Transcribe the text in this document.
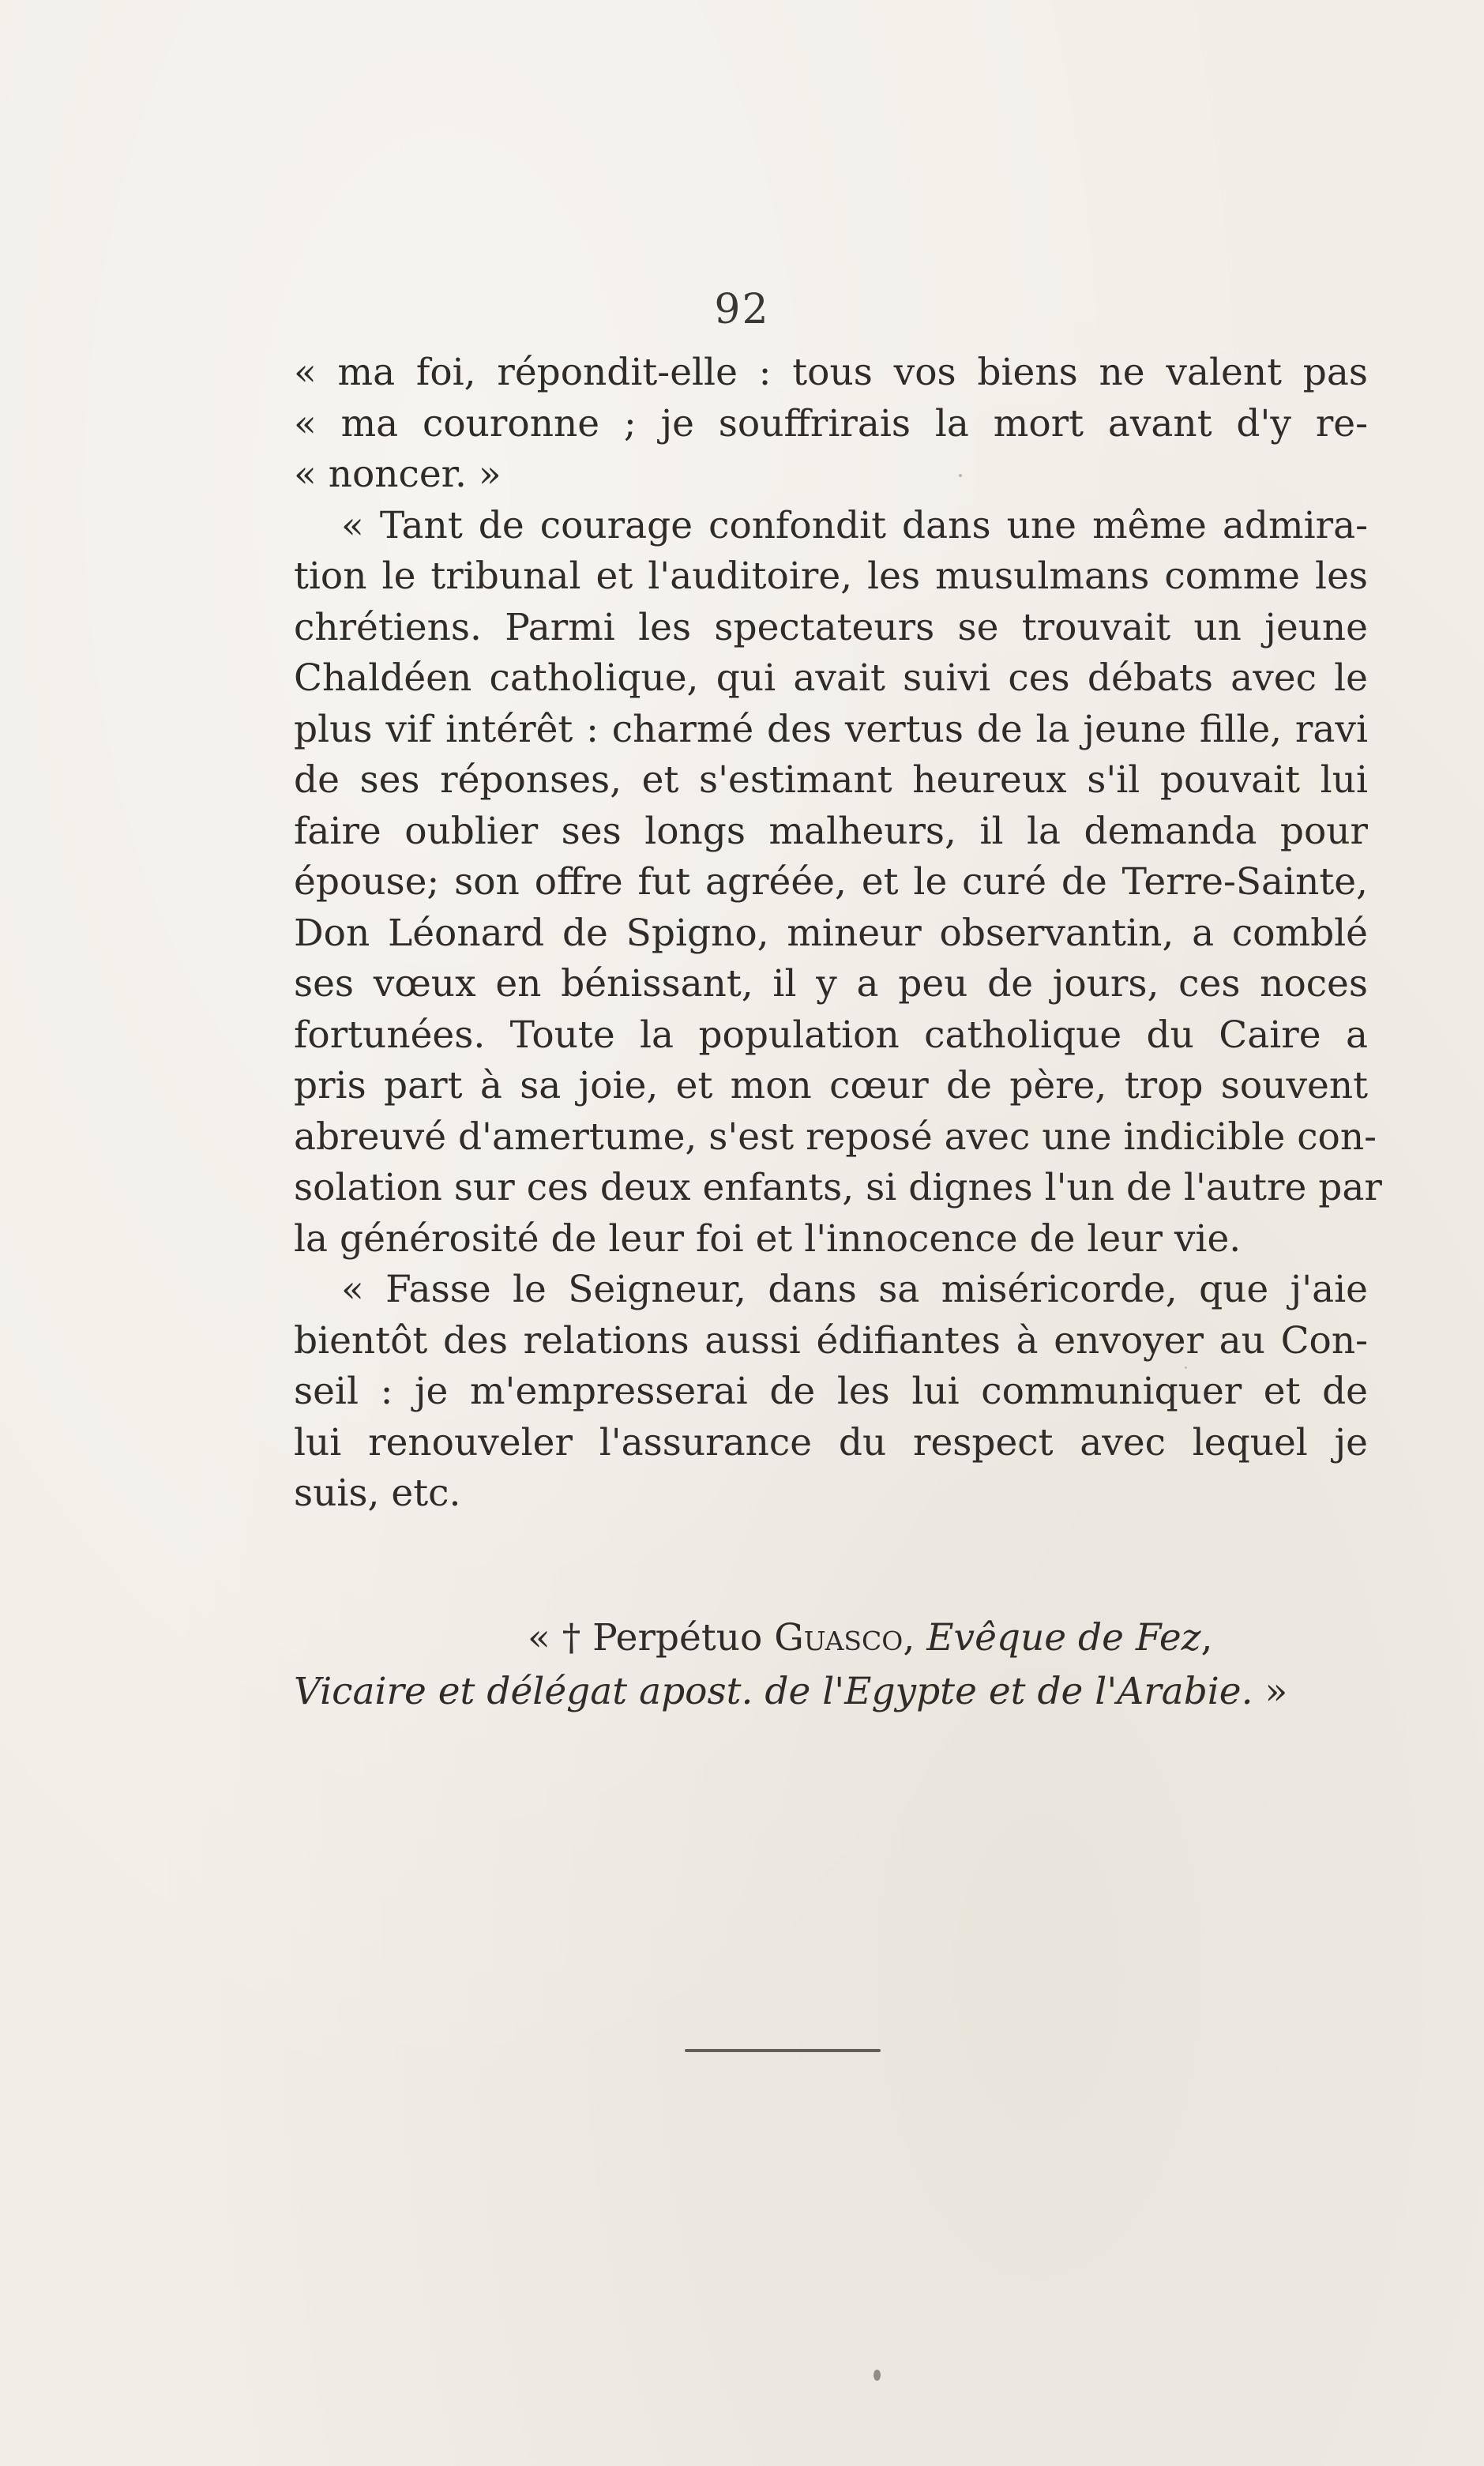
92
« ma foi, répondit-elle : tous vos biens ne valent pas
« ma couronne ; je souffrirais la mort avant d'y re-
« noncer. »
« Tant de courage confondit dans une même admira-
tion le tribunal et l'auditoire, les musulmans comme les
chrétiens. Parmi les spectateurs se trouvait un jeune
Chaldéen catholique, qui avait suivi ces débats avec le
plus vif intérêt : charmé des vertus de la jeune fille, ravi
de ses réponses, et s'estimant heureux s'il pouvait lui
faire oublier ses longs malheurs, il la demanda pour
épouse; son offre fut agréée, et le curé de Terre-Sainte,
Don Léonard de Spigno, mineur observantin, a comblé
ses vœux en bénissant, il y a peu de jours, ces noces
fortunées. Toute la population catholique du Caire a
pris part à sa joie, et mon cœur de père, trop souvent
abreuvé d'amertume, s'est reposé avec une indicible con-
solation sur ces deux enfants, si dignes l'un de l'autre par
la générosité de leur foi et l'innocence de leur vie.
« Fasse le Seigneur, dans sa miséricorde, que j'aie
bientôt des relations aussi édifiantes à envoyer au Con-
seil : je m'empresserai de les lui communiquer et de
lui renouveler l'assurance du respect avec lequel je
suis, etc.
« † Perpétuo Guasco, Evêque de Fez,
Vicaire et délégat apost. de l'Egypte et de l'Arabie. »
